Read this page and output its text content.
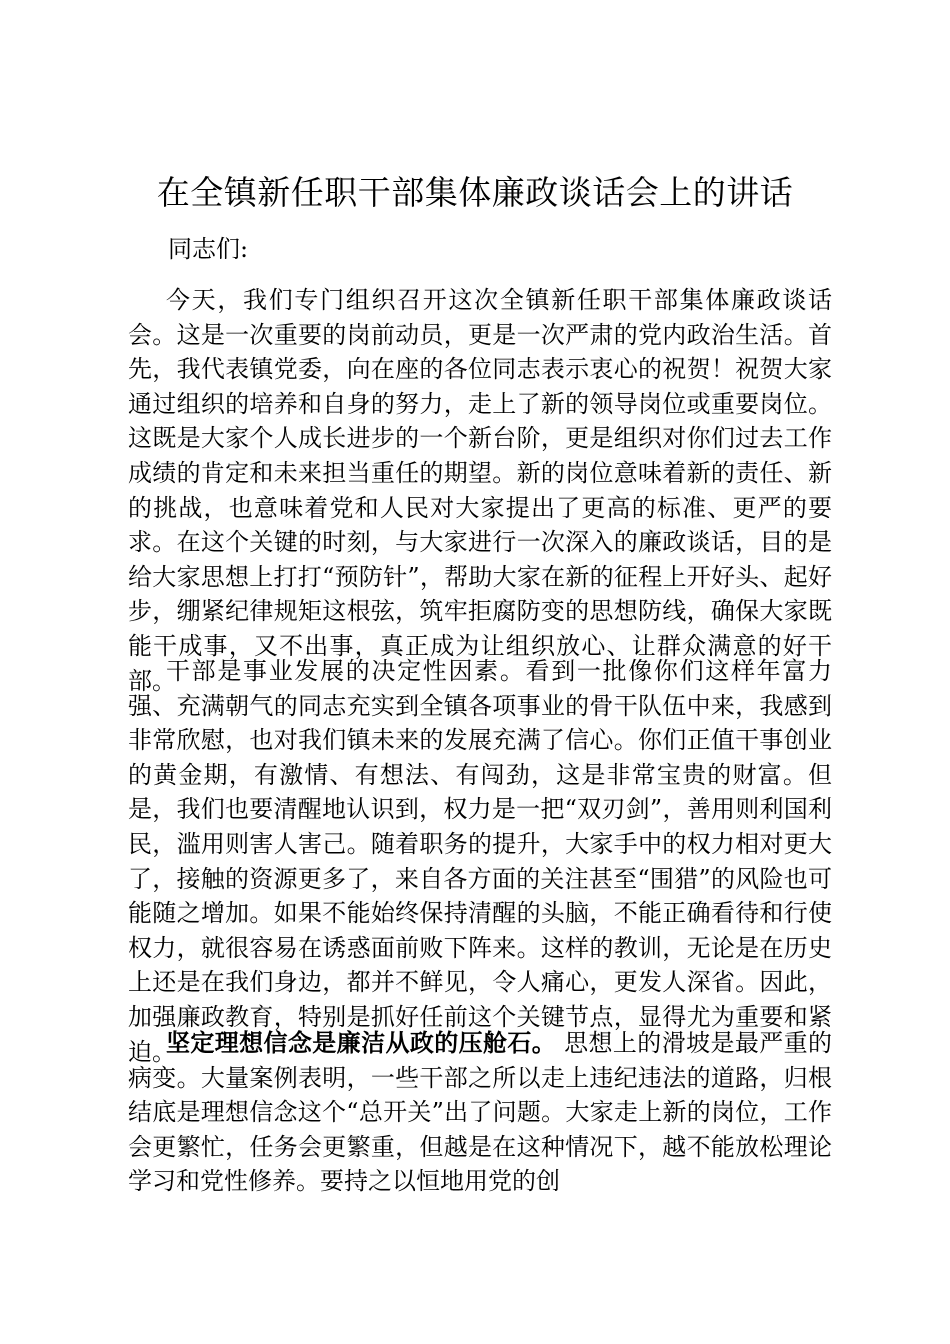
在全镇新任职干部集体廉政谈话会上的讲话
同志们:

今天，我们专门组织召开这次全镇新任职干部集体廉政谈话会。这是一次重要的岗前动员，更是一次严肃的党内政治生活。首先，我代表镇党委，向在座的各位同志表示衷心的祝贺！祝贺大家通过组织的培养和自身的努力，走上了新的领导岗位或重要岗位。这既是大家个人成长进步的一个新台阶，更是组织对你们过去工作成绩的肯定和未来担当重任的期望。新的岗位意味着新的责任、新的挑战，也意味着党和人民对大家提出了更高的标准、更严的要求。在这个关键的时刻，与大家进行一次深入的廉政谈话，目的是给大家思想上打打“预防针”，帮助大家在新的征程上开好头、起好步，绷紧纪律规矩这根弦，筑牢拒腐防变的思想防线，确保大家既能干成事，又不出事，真正成为让组织放心、让群众满意的好干部。

干部是事业发展的决定性因素。看到一批像你们这样年富力强、充满朝气的同志充实到全镇各项事业的骨干队伍中来，我感到非常欣慰，也对我们镇未来的发展充满了信心。你们正值干事创业的黄金期，有激情、有想法、有闯劲，这是非常宝贵的财富。但是，我们也要清醒地认识到，权力是一把“双刃剑”，善用则利国利民，滥用则害人害己。随着职务的提升，大家手中的权力相对更大了，接触的资源更多了，来自各方面的关注甚至“围猎”的风险也可能随之增加。如果不能始终保持清醒的头脑，不能正确看待和行使权力，就很容易在诱惑面前败下阵来。这样的教训，无论是在历史上还是在我们身边，都并不鲜见，令人痛心，更发人深省。因此，加强廉政教育，特别是抓好任前这个关键节点，显得尤为重要和紧迫。

坚定理想信念是廉洁从政的压舱石。 思想上的滑坡是最严重的病变。大量案例表明，一些干部之所以走上违纪违法的道路，归根结底是理想信念这个“总开关”出了问题。大家走上新的岗位，工作会更繁忙，任务会更繁重，但越是在这种情况下，越不能放松理论学习和党性修养。要持之以恒地用党的创
